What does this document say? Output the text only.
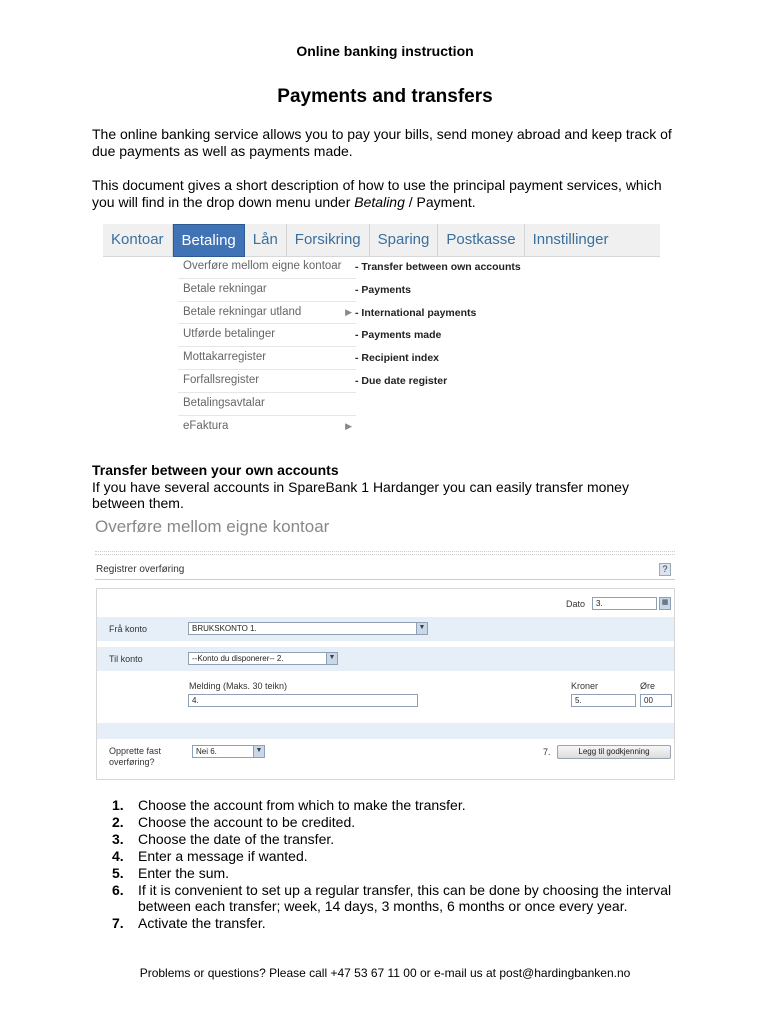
Online banking instruction
Payments and transfers

The online banking service allows you to pay your bills, send money abroad and keep track of due payments as well as payments made.

This document gives a short description of how to use the principal payment services, which you will find in the drop down menu under Betaling / Payment.

Kontoar	Betaling	Lån	Forsikring	Sparing	Postkasse	Innstillinger
Overføre mellom eigne kontoar
Betale rekningar
Betale rekningar utland	▶
Utførde betalinger
Mottakarregister
Forfallsregister
Betalingsavtalar
eFaktura	▶
- Transfer between own accounts
- Payments
- International payments
- Payments made
- Recipient index
- Due date register
Transfer between your own accounts
If you have several accounts in SpareBank 1 Hardanger you can easily transfer money between them.
Overføre mellom eigne kontoar
Registrer overføring	?
Dato	3.	▦
Frå konto	BRUKSKONTO 1.	▼
Til konto	--Konto du disponerer-- 2.	▼
Melding (Maks. 30 teikn)
4.
Kroner
5.
Øre
00
Opprette fast
overføring?
Nei 6.	▼	7.	Legg til godkjenning
1. Choose the account from which to make the transfer.
2. Choose the account to be credited.
3. Choose the date of the transfer.
4. Enter a message if wanted.
5. Enter the sum.
6. If it is convenient to set up a regular transfer, this can be done by choosing the interval between each transfer; week, 14 days, 3 months, 6 months or once every year.
7. Activate the transfer.
Problems or questions? Please call +47 53 67 11 00 or e-mail us at post@hardingbanken.no
